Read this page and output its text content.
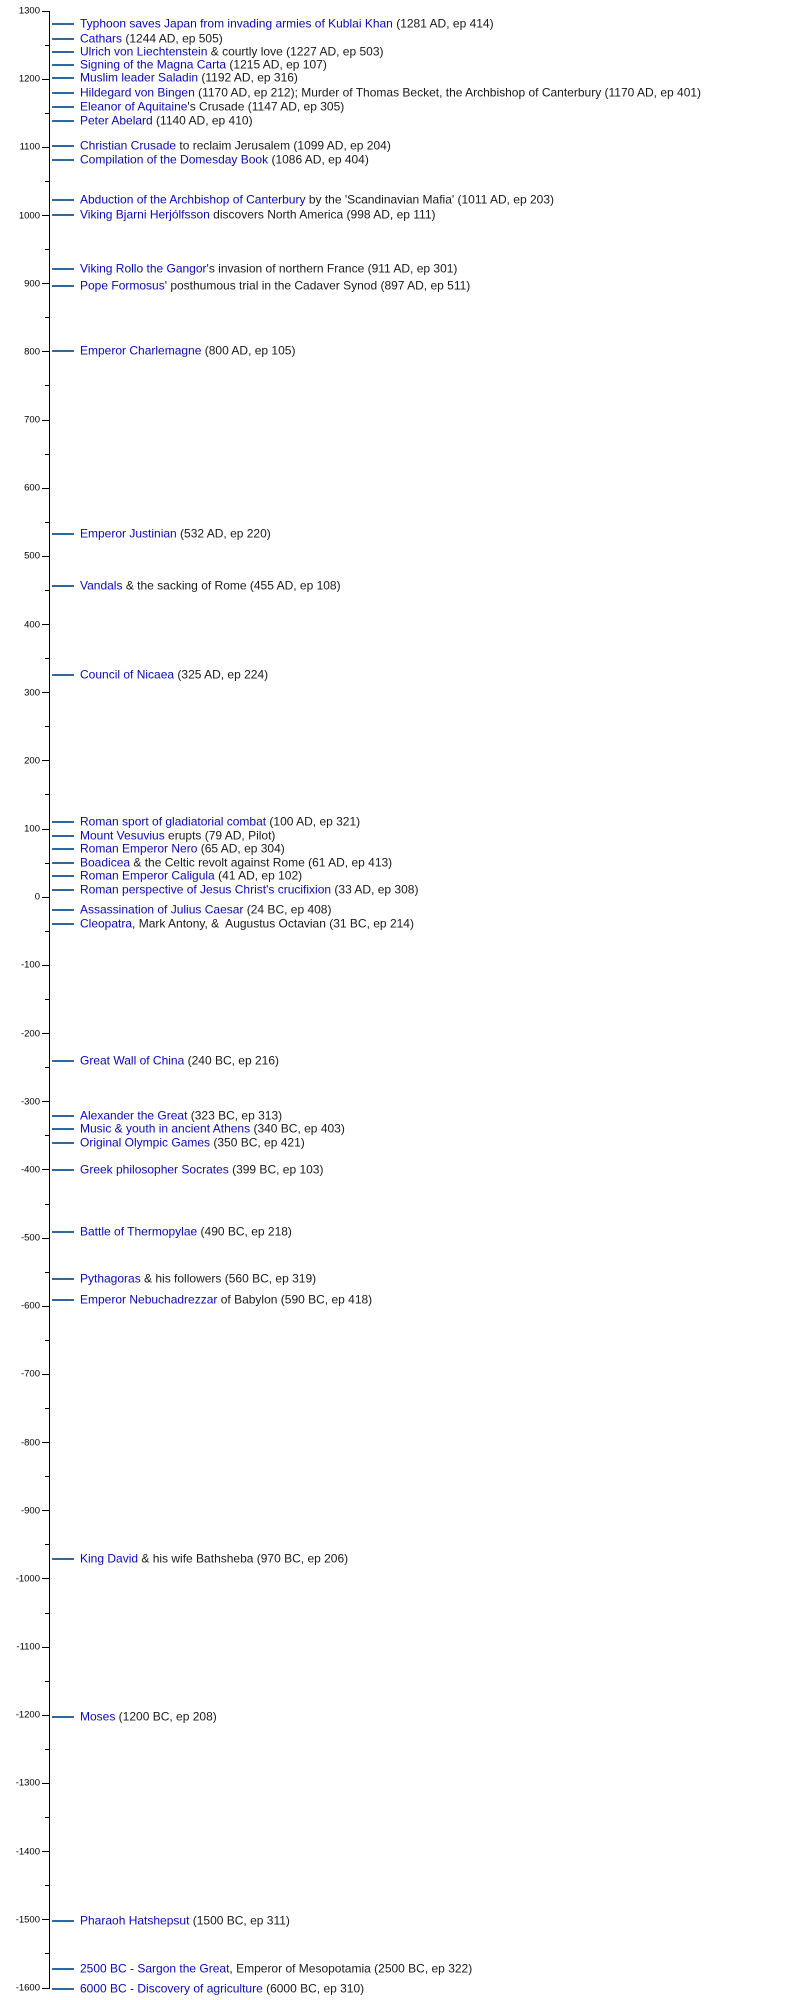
1300
1200
1100
1000
900
800
700
600
500
400
300
200
100
0
-100
-200
-300
-400
-500
-600
-700
-800
-900
-1000
-1100
-1200
-1300
-1400
-1500
-1600
Typhoon saves Japan from invading armies of Kublai Khan (1281 AD, ep 414)
Cathars (1244 AD, ep 505)
Ulrich von Liechtenstein & courtly love (1227 AD, ep 503)
Signing of the Magna Carta (1215 AD, ep 107)
Muslim leader Saladin (1192 AD, ep 316)
Hildegard von Bingen (1170 AD, ep 212); Murder of Thomas Becket, the Archbishop of Canterbury (1170 AD, ep 401)
Eleanor of Aquitaine's Crusade (1147 AD, ep 305)
Peter Abelard (1140 AD, ep 410)
Christian Crusade to reclaim Jerusalem (1099 AD, ep 204)
Compilation of the Domesday Book (1086 AD, ep 404)
Abduction of the Archbishop of Canterbury by the 'Scandinavian Mafia' (1011 AD, ep 203)
Viking Bjarni Herjólfsson discovers North America (998 AD, ep 111)
Viking Rollo the Gangor's invasion of northern France (911 AD, ep 301)
Pope Formosus' posthumous trial in the Cadaver Synod (897 AD, ep 511)
Emperor Charlemagne (800 AD, ep 105)
Emperor Justinian (532 AD, ep 220)
Vandals & the sacking of Rome (455 AD, ep 108)
Council of Nicaea (325 AD, ep 224)
Roman sport of gladiatorial combat (100 AD, ep 321)
Mount Vesuvius erupts (79 AD, Pilot)
Roman Emperor Nero (65 AD, ep 304)
Boadicea & the Celtic revolt against Rome (61 AD, ep 413)
Roman Emperor Caligula (41 AD, ep 102)
Roman perspective of Jesus Christ's crucifixion (33 AD, ep 308)
Assassination of Julius Caesar (24 BC, ep 408)
Cleopatra, Mark Antony, &  Augustus Octavian (31 BC, ep 214)
Great Wall of China (240 BC, ep 216)
Alexander the Great (323 BC, ep 313)
Music & youth in ancient Athens (340 BC, ep 403)
Original Olympic Games (350 BC, ep 421)
Greek philosopher Socrates (399 BC, ep 103)
Battle of Thermopylae (490 BC, ep 218)
Pythagoras & his followers (560 BC, ep 319)
Emperor Nebuchadrezzar of Babylon (590 BC, ep 418)
King David & his wife Bathsheba (970 BC, ep 206)
Moses (1200 BC, ep 208)
Pharaoh Hatshepsut (1500 BC, ep 311)
2500 BC - Sargon the Great, Emperor of Mesopotamia (2500 BC, ep 322)
6000 BC - Discovery of agriculture (6000 BC, ep 310)
